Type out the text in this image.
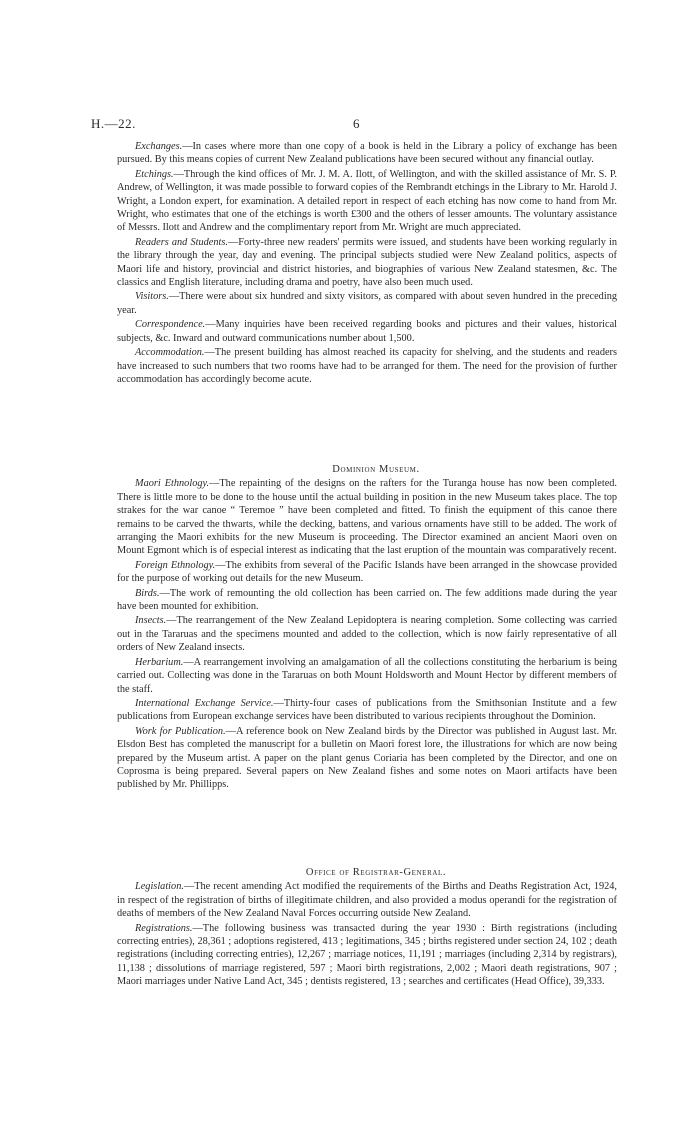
H.—22.	6

Exchanges.—In cases where more than one copy of a book is held in the Library a policy of exchange has been pursued. By this means copies of current New Zealand publications have been secured without any financial outlay.

Etchings.—Through the kind offices of Mr. J. M. A. Ilott, of Wellington, and with the skilled assistance of Mr. S. P. Andrew, of Wellington, it was made possible to forward copies of the Rembrandt etchings in the Library to Mr. Harold J. Wright, a London expert, for examination. A detailed report in respect of each etching has now come to hand from Mr. Wright, who estimates that one of the etchings is worth £300 and the others of lesser amounts. The voluntary assistance of Messrs. Ilott and Andrew and the complimentary report from Mr. Wright are much appreciated.

Readers and Students.—Forty-three new readers' permits were issued, and students have been working regularly in the library through the year, day and evening. The principal subjects studied were New Zealand politics, aspects of Maori life and history, provincial and district histories, and biographies of various New Zealand statesmen, &c. The classics and English literature, including drama and poetry, have also been much used.

Visitors.—There were about six hundred and sixty visitors, as compared with about seven hundred in the preceding year.

Correspondence.—Many inquiries have been received regarding books and pictures and their values, historical subjects, &c. Inward and outward communications number about 1,500.

Accommodation.—The present building has almost reached its capacity for shelving, and the students and readers have increased to such numbers that two rooms have had to be arranged for them. The need for the provision of further accommodation has accordingly become acute.

Dominion Museum.

Maori Ethnology.—The repainting of the designs on the rafters for the Turanga house has now been completed. There is little more to be done to the house until the actual building in position in the new Museum takes place. The top strakes for the war canoe “ Teremoe ” have been completed and fitted. To finish the equipment of this canoe there remains to be carved the thwarts, while the decking, battens, and various ornaments have still to be added. The work of arranging the Maori exhibits for the new Museum is proceeding. The Director examined an ancient Maori oven on Mount Egmont which is of especial interest as indicating that the last eruption of the mountain was comparatively recent.

Foreign Ethnology.—The exhibits from several of the Pacific Islands have been arranged in the showcase provided for the purpose of working out details for the new Museum.

Birds.—The work of remounting the old collection has been carried on. The few additions made during the year have been mounted for exhibition.

Insects.—The rearrangement of the New Zealand Lepidoptera is nearing completion. Some collecting was carried out in the Tararuas and the specimens mounted and added to the collection, which is now fairly representative of all orders of New Zealand insects.

Herbarium.—A rearrangement involving an amalgamation of all the collections constituting the herbarium is being carried out. Collecting was done in the Tararuas on both Mount Holdsworth and Mount Hector by different members of the staff.

International Exchange Service.—Thirty-four cases of publications from the Smithsonian Institute and a few publications from European exchange services have been distributed to various recipients throughout the Dominion.

Work for Publication.—A reference book on New Zealand birds by the Director was published in August last. Mr. Elsdon Best has completed the manuscript for a bulletin on Maori forest lore, the illustrations for which are now being prepared by the Museum artist. A paper on the plant genus Coriaria has been completed by the Director, and one on Coprosma is being prepared. Several papers on New Zealand fishes and some notes on Maori artifacts have been published by Mr. Phillipps.

Office of Registrar-General.

Legislation.—The recent amending Act modified the requirements of the Births and Deaths Registration Act, 1924, in respect of the registration of births of illegitimate children, and also provided a modus operandi for the registration of deaths of members of the New Zealand Naval Forces occurring outside New Zealand.

Registrations.—The following business was transacted during the year 1930 : Birth registrations (including correcting entries), 28,361 ; adoptions registered, 413 ; legitimations, 345 ; births registered under section 24, 102 ; death registrations (including correcting entries), 12,267 ; marriage notices, 11,191 ; marriages (including 2,314 by registrars), 11,138 ; dissolutions of marriage registered, 597 ; Maori birth registrations, 2,002 ; Maori death registrations, 907 ; Maori marriages under Native Land Act, 345 ; dentists registered, 13 ; searches and certificates (Head Office), 39,333.
